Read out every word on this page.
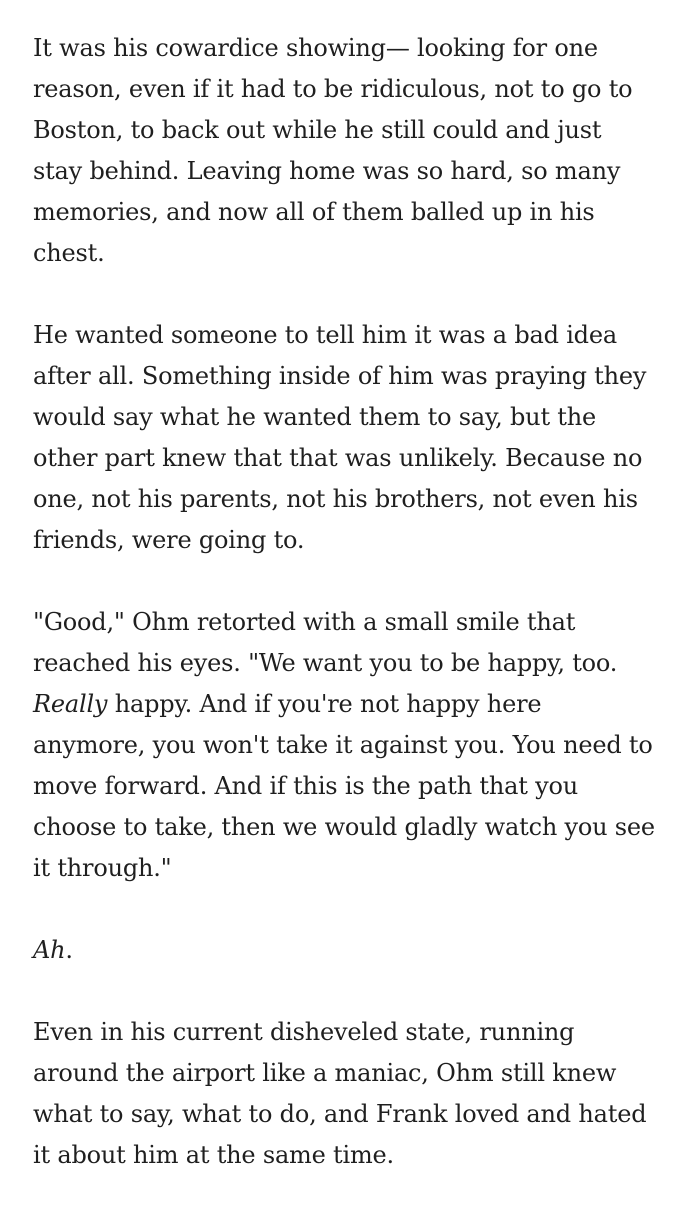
It was his cowardice showing— looking for one
reason, even if it had to be ridiculous, not to go to
Boston, to back out while he still could and just
stay behind. Leaving home was so hard, so many
memories, and now all of them balled up in his
chest.

He wanted someone to tell him it was a bad idea
after all. Something inside of him was praying they
would say what he wanted them to say, but the
other part knew that that was unlikely. Because no
one, not his parents, not his brothers, not even his
friends, were going to.

"Good," Ohm retorted with a small smile that
reached his eyes. "We want you to be happy, too.
Really happy. And if you're not happy here
anymore, you won't take it against you. You need to
move forward. And if this is the path that you
choose to take, then we would gladly watch you see
it through."

Ah.

Even in his current disheveled state, running
around the airport like a maniac, Ohm still knew
what to say, what to do, and Frank loved and hated
it about him at the same time.
